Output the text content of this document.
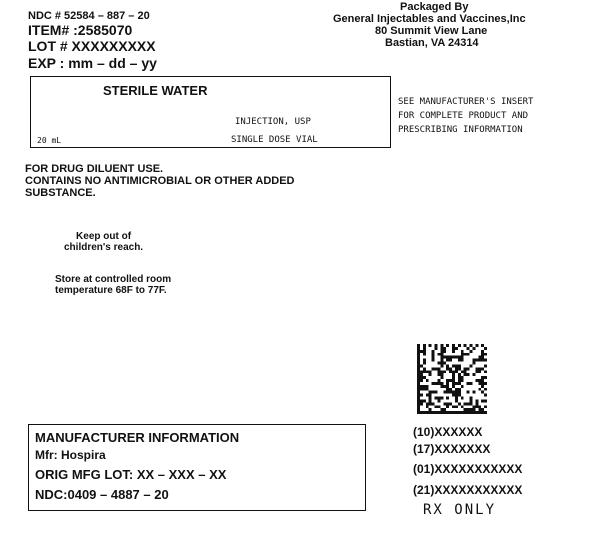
NDC # 52584 – 887 – 20
ITEM# :2585070
LOT # XXXXXXXXX
EXP : mm – dd – yy
Packaged By
General Injectables and Vaccines,Inc
80 Summit View Lane
Bastian, VA 24314
STERILE WATER
INJECTION, USP
20 mL	SINGLE DOSE VIAL
SEE MANUFACTURER'S INSERT
FOR COMPLETE PRODUCT AND
PRESCRIBING INFORMATION
FOR DRUG DILUENT USE.
CONTAINS NO ANTIMICROBIAL OR OTHER ADDED
SUBSTANCE.
Keep out of
children's reach.
Store at controlled room
temperature 68F to 77F.
MANUFACTURER INFORMATION
Mfr: Hospira
ORIG MFG LOT: XX – XXX – XX
NDC:0409 – 4887 – 20
(10)XXXXXX
(17)XXXXXXX
(01)XXXXXXXXXXX
(21)XXXXXXXXXXX
RX ONLY
